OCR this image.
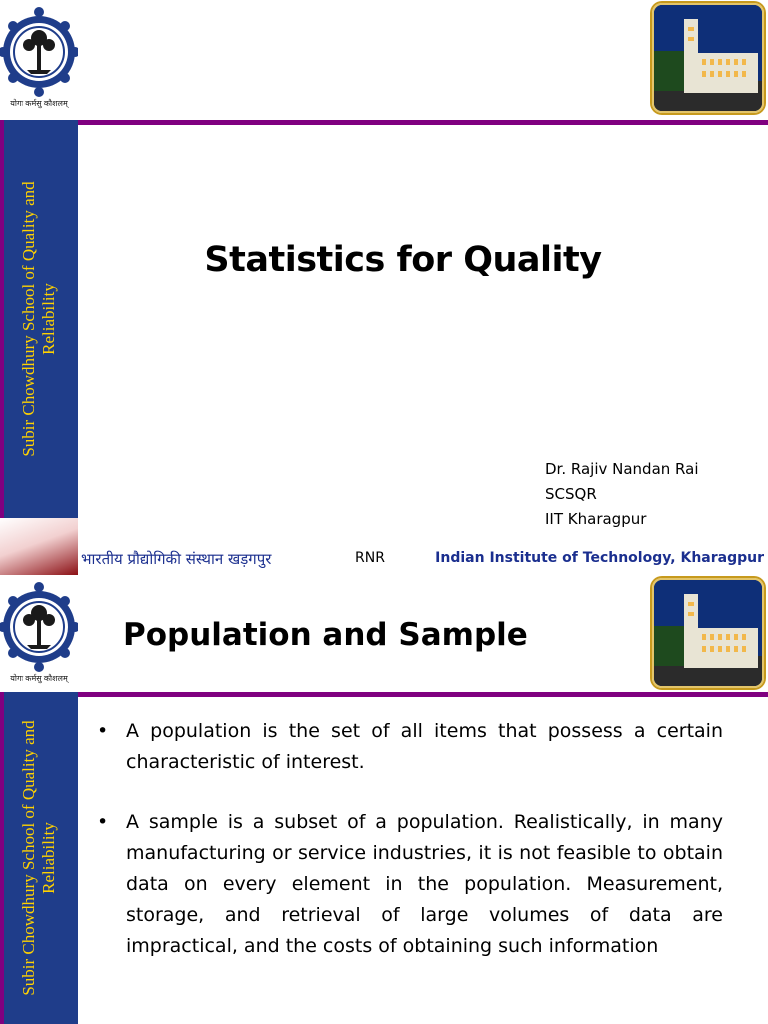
योगः कर्मसु कौशलम्
Subir Chowdhury School of Quality and Reliability
Statistics for Quality
Dr. Rajiv Nandan Rai
SCSQR
IIT Kharagpur
भारतीय प्रौद्योगिकी संस्थान खड़गपुर	RNR	Indian Institute of Technology, Kharagpur
योगः कर्मसु कौशलम्
Population and Sample
Subir Chowdhury School of Quality and Reliability
• A population is the set of all items that possess a certain characteristic of interest.
• A sample is a subset of a population. Realistically, in many manufacturing or service industries, it is not feasible to obtain data on every element in the population. Measurement, storage, and retrieval of large volumes of data are impractical, and the costs of obtaining such information
